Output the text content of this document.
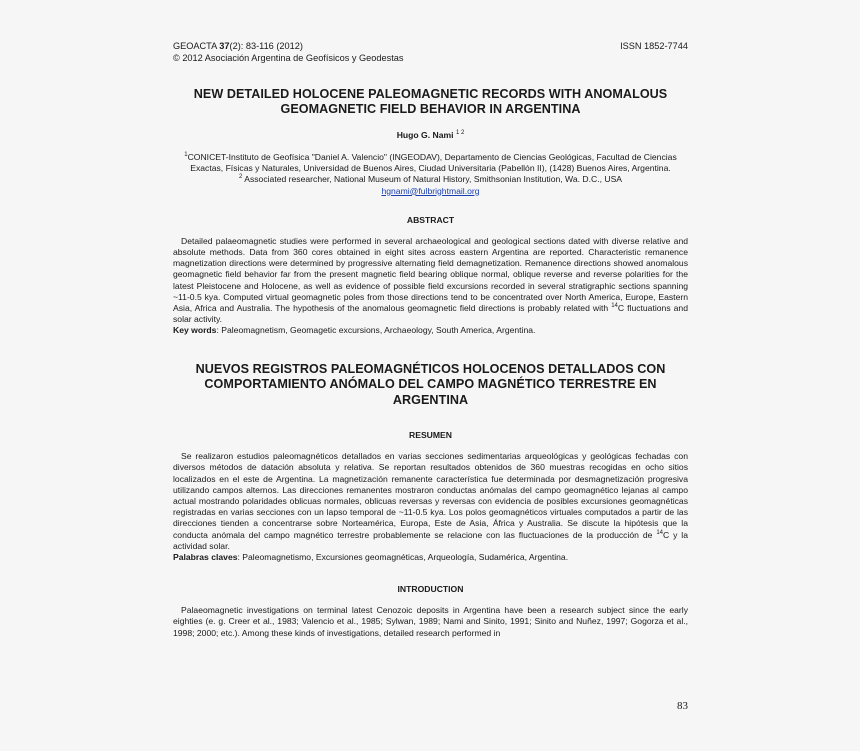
GEOACTA 37(2): 83-116 (2012)	ISSN 1852-7744
© 2012 Asociación Argentina de Geofísicos y Geodestas
NEW DETAILED HOLOCENE PALEOMAGNETIC RECORDS WITH ANOMALOUS GEOMAGNETIC FIELD BEHAVIOR IN ARGENTINA
Hugo G. Nami $^{1 2}$
$^1$CONICET-Instituto de Geofísica "Daniel A. Valencio" (INGEODAV), Departamento de Ciencias Geológicas, Facultad de Ciencias Exactas, Físicas y Naturales, Universidad de Buenos Aires, Ciudad Universitaria (Pabellón II), (1428) Buenos Aires, Argentina.
$^2$ Associated researcher, National Museum of Natural History, Smithsonian Institution, Wa. D.C., USA
hgnami@fulbrightmail.org
ABSTRACT
Detailed palaeomagnetic studies were performed in several archaeological and geological sections dated with diverse relative and absolute methods. Data from 360 cores obtained in eight sites across eastern Argentina are reported. Characteristic remanence magnetization directions were determined by progressive alternating field demagnetization. Remanence directions showed anomalous geomagnetic field behavior far from the present magnetic field bearing oblique normal, oblique reverse and reverse polarities for the latest Pleistocene and Holocene, as well as evidence of possible field excursions recorded in several stratigraphic sections spanning ~11-0.5 kya. Computed virtual geomagnetic poles from those directions tend to be concentrated over North America, Europe, Eastern Asia, Africa and Australia. The hypothesis of the anomalous geomagnetic field directions is probably related with $^{14}$C fluctuations and solar activity.
Key words: Paleomagnetism, Geomagetic excursions, Archaeology, South America, Argentina.
NUEVOS REGISTROS PALEOMAGNÉTICOS HOLOCENOS DETALLADOS CON COMPORTAMIENTO ANÓMALO DEL CAMPO MAGNÉTICO TERRESTRE EN ARGENTINA
RESUMEN
Se realizaron estudios paleomagnéticos detallados en varias secciones sedimentarias arqueológicas y geológicas fechadas con diversos métodos de datación absoluta y relativa. Se reportan resultados obtenidos de 360 muestras recogidas en ocho sitios localizados en el este de Argentina. La magnetización remanente característica fue determinada por desmagnetización progresiva utilizando campos alternos. Las direcciones remanentes mostraron conductas anómalas del campo geomagnético lejanas al campo actual mostrando polaridades oblicuas normales, oblicuas reversas y reversas con evidencia de posibles excursiones geomagnéticas registradas en varias secciones con un lapso temporal de ~11-0.5 kya. Los polos geomagnéticos virtuales computados a partir de las direcciones tienden a concentrarse sobre Norteamérica, Europa, Este de Asia, África y Australia. Se discute la hipótesis que la conducta anómala del campo magnético terrestre probablemente se relacione con las fluctuaciones de la producción de $^{14}$C y la actividad solar.
Palabras claves: Paleomagnetismo, Excursiones geomagnéticas, Arqueología, Sudamérica, Argentina.
INTRODUCTION
Palaeomagnetic investigations on terminal latest Cenozoic deposits in Argentina have been a research subject since the early eighties (e. g. Creer et al., 1983; Valencio et al., 1985; Sylwan, 1989; Nami and Sinito, 1991; Sinito and Nuñez, 1997; Gogorza et al., 1998; 2000; etc.). Among these kinds of investigations, detailed research performed in
83
